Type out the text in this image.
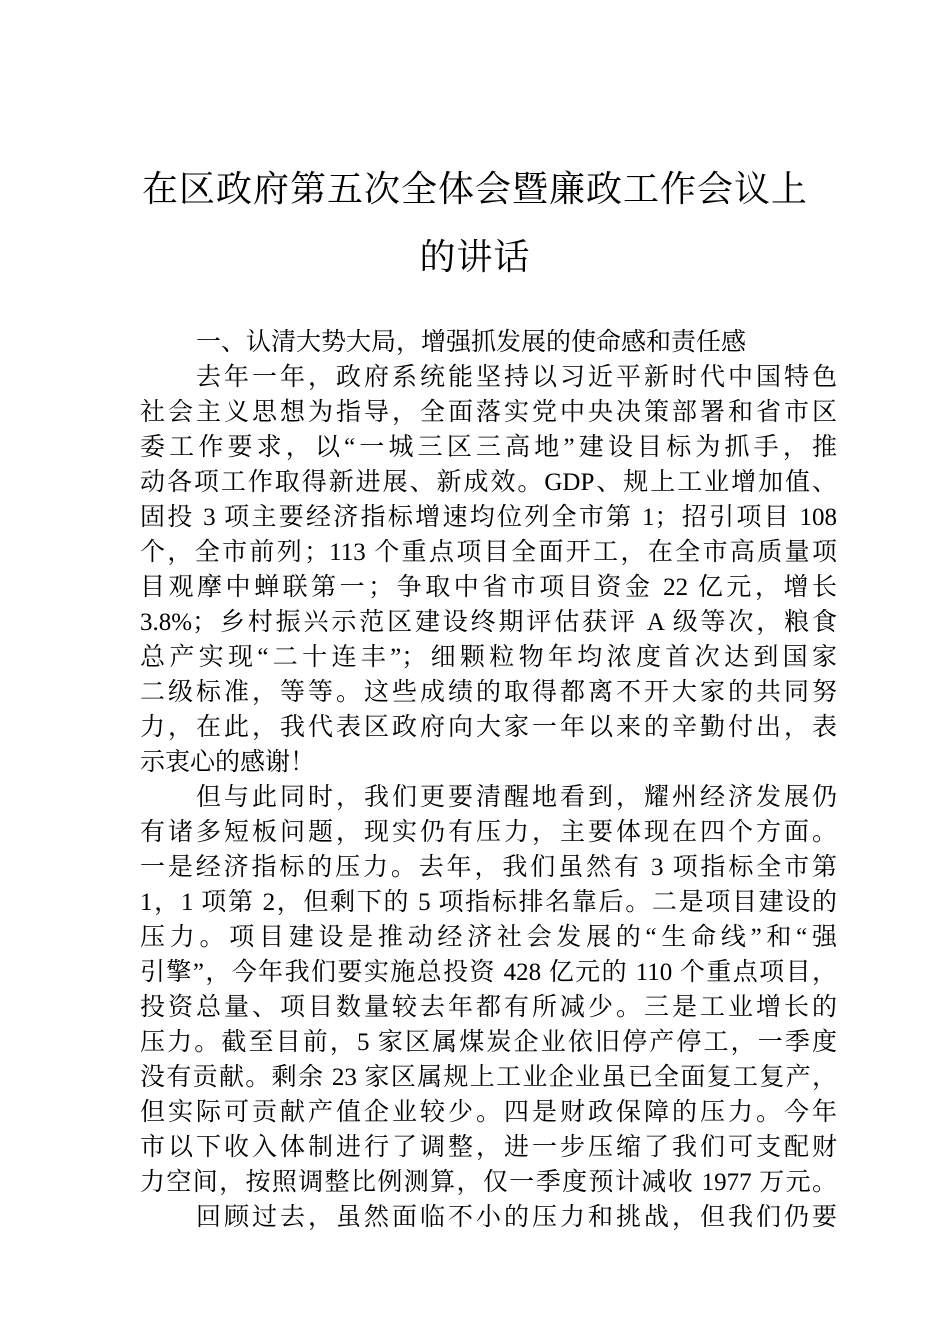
在区政府第五次全体会暨廉政工作会议上
的讲话
一、认清大势大局，增强抓发展的使命感和责任感
去年一年，政府系统能坚持以习近平新时代中国特色
社会主义思想为指导，全面落实党中央决策部署和省市区
委工作要求，以“一城三区三高地”建设目标为抓手，推
动各项工作取得新进展、新成效。GDP、规上工业增加值、
固投 3 项主要经济指标增速均位列全市第 1；招引项目 108
个，全市前列；113 个重点项目全面开工，在全市高质量项
目观摩中蝉联第一；争取中省市项目资金 22 亿元，增长
3.8%；乡村振兴示范区建设终期评估获评 A 级等次，粮食
总产实现“二十连丰”；细颗粒物年均浓度首次达到国家
二级标准，等等。这些成绩的取得都离不开大家的共同努
力，在此，我代表区政府向大家一年以来的辛勤付出，表
示衷心的感谢！
但与此同时，我们更要清醒地看到，耀州经济发展仍
有诸多短板问题，现实仍有压力，主要体现在四个方面。
一是经济指标的压力。去年，我们虽然有 3 项指标全市第
1，1 项第 2，但剩下的 5 项指标排名靠后。二是项目建设的
压力。项目建设是推动经济社会发展的“生命线”和“强
引擎”，今年我们要实施总投资 428 亿元的 110 个重点项目，
投资总量、项目数量较去年都有所减少。三是工业增长的
压力。截至目前，5 家区属煤炭企业依旧停产停工，一季度
没有贡献。剩余 23 家区属规上工业企业虽已全面复工复产，
但实际可贡献产值企业较少。四是财政保障的压力。今年
市以下收入体制进行了调整，进一步压缩了我们可支配财
力空间，按照调整比例测算，仅一季度预计减收 1977 万元。
回顾过去，虽然面临不小的压力和挑战，但我们仍要
